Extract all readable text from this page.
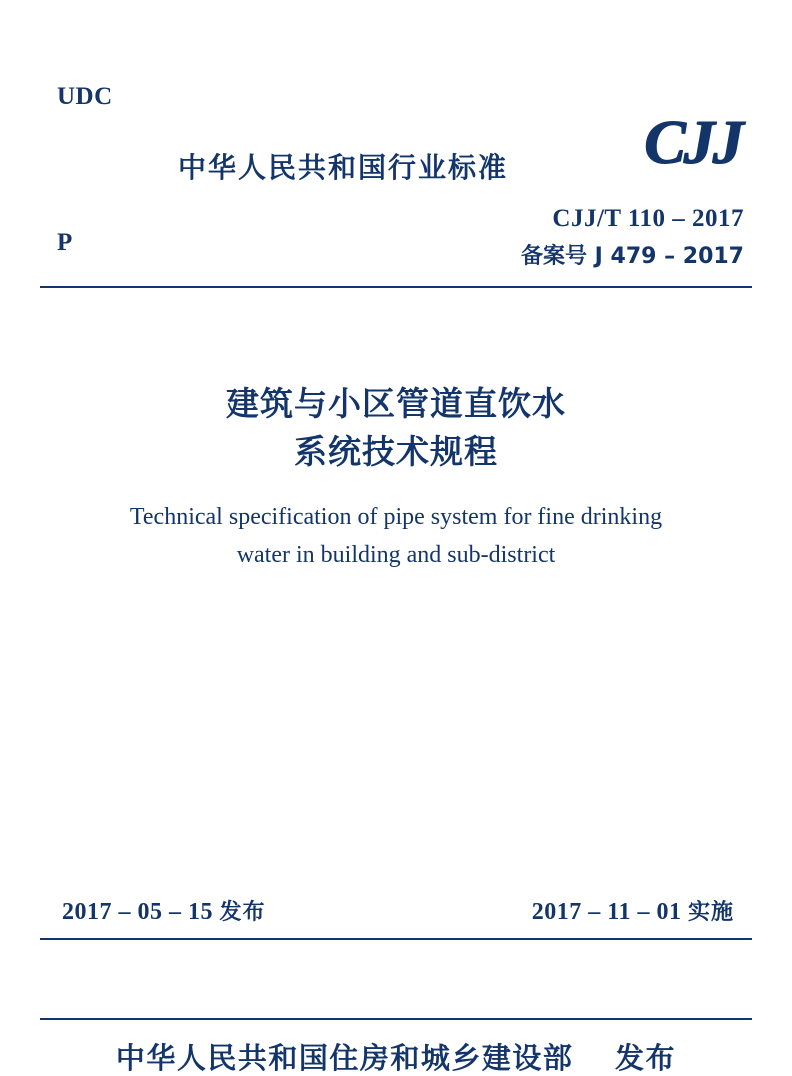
UDC
P
中华人民共和国行业标准 CJJ
CJJ/T 110 – 2017
备案号 J 479 – 2017
建筑与小区管道直饮水
系统技术规程
Technical specification of pipe system for fine drinking
water in building and sub-district
2017 – 05 – 15 发布	2017 – 11 – 01 实施
中华人民共和国住房和城乡建设部 发布
